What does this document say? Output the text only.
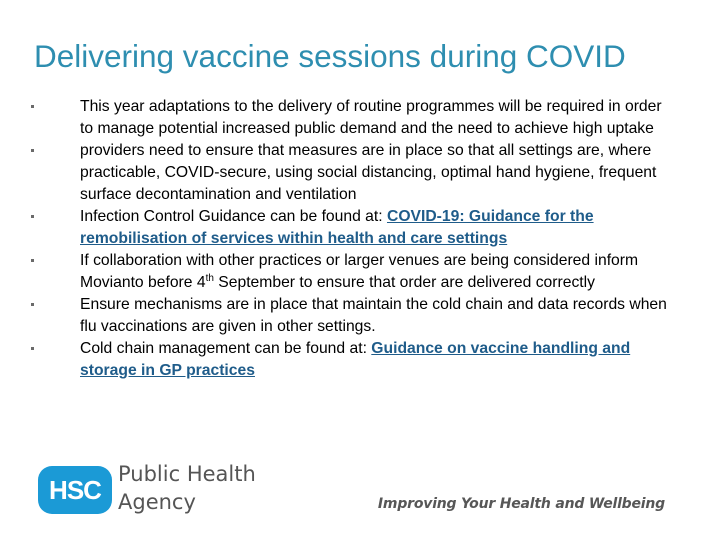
Delivering vaccine sessions during COVID
This year adaptations to the delivery of routine programmes will be required in order to manage potential increased public demand and the need to achieve high uptake
providers need to ensure that measures are in place so that all settings are, where practicable, COVID-secure, using social distancing, optimal hand hygiene, frequent surface decontamination and ventilation
Infection Control Guidance can be found at: COVID-19: Guidance for the remobilisation of services within health and care settings
If collaboration with other practices or larger venues are being considered inform Movianto before 4th September to ensure that order are delivered correctly
Ensure mechanisms are in place that maintain the cold chain and data records when flu vaccinations are given in other settings.
Cold chain management can be found at: Guidance on vaccine handling and storage in GP practices
HSC
Public Health
Agency	Improving Your Health and Wellbeing
